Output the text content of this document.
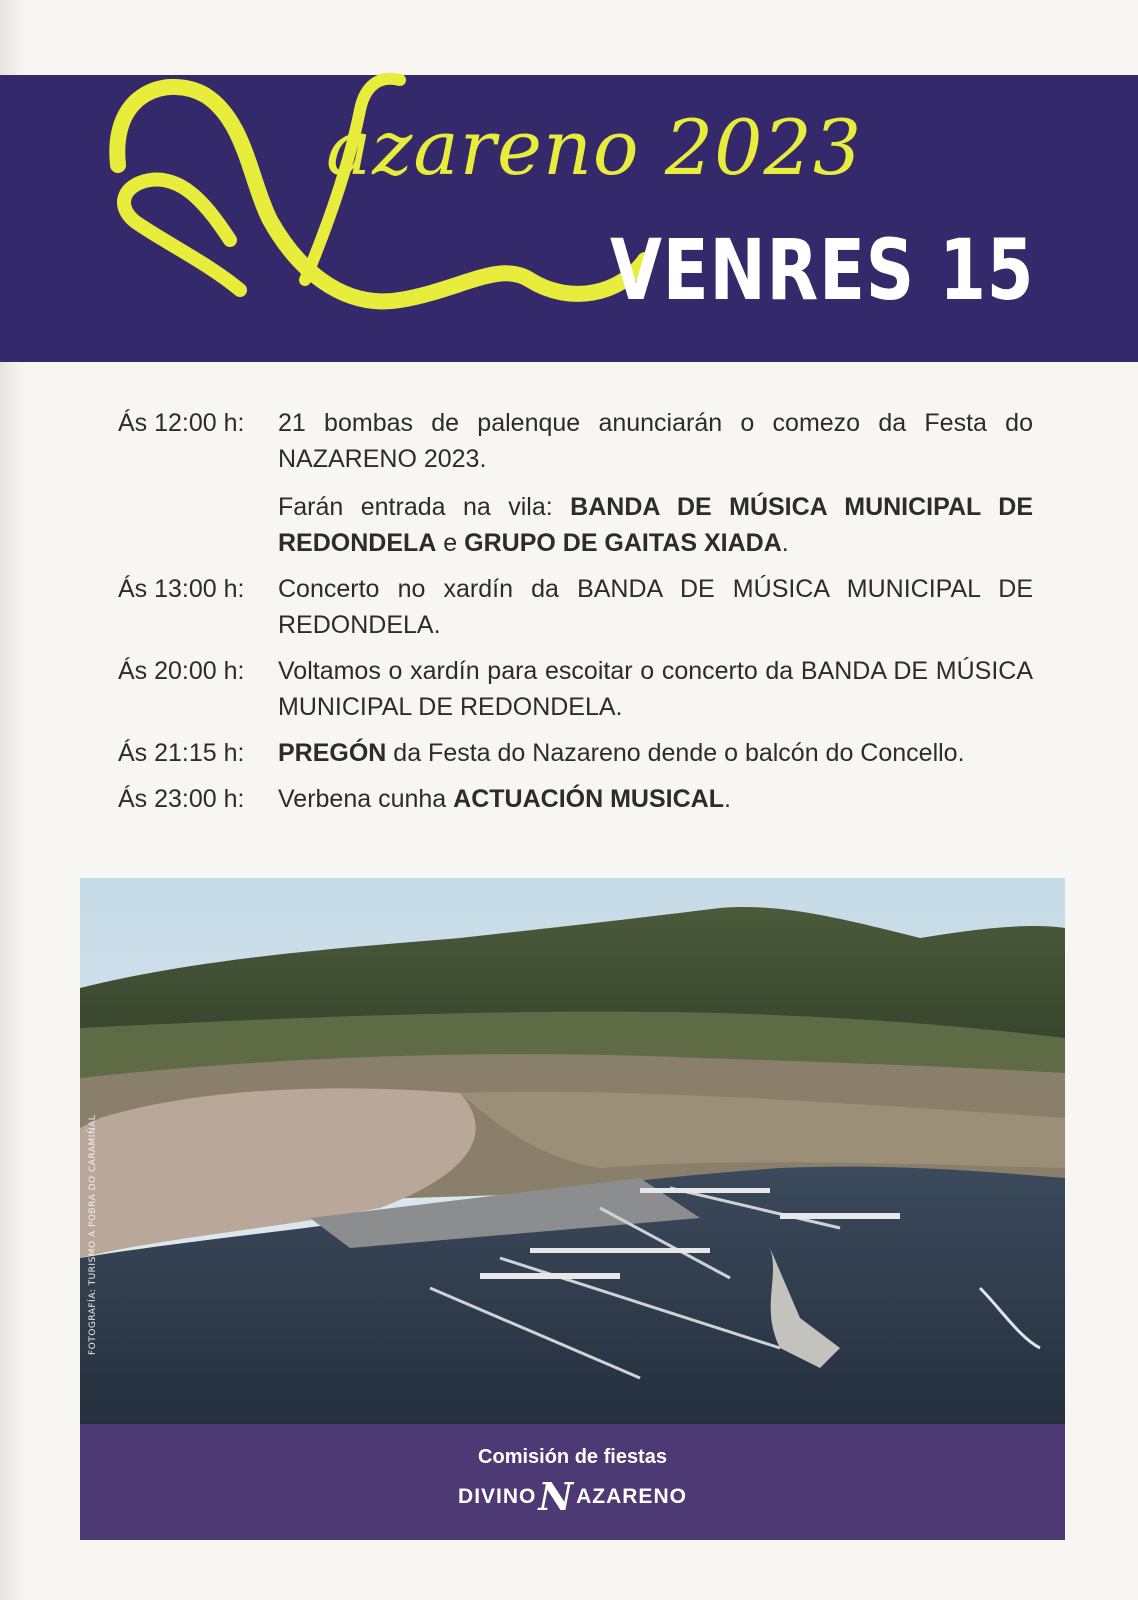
N
azareno 2023
VENRES 15
Ás 12:00 h:	21 bombas de palenque anunciarán o comezo da Festa do NAZARENO 2023.
Farán entrada na vila: BANDA DE MÚSICA MUNICIPAL DE REDONDELA e GRUPO DE GAITAS XIADA.
Ás 13:00 h:	Concerto no xardín da BANDA DE MÚSICA MUNICIPAL DE REDONDELA.
Ás 20:00 h:	Voltamos o xardín para escoitar o concerto da BANDA DE MÚSICA MUNICIPAL DE REDONDELA.
Ás 21:15 h:	PREGÓN da Festa do Nazareno dende o balcón do Concello.
Ás 23:00 h:	Verbena cunha ACTUACIÓN MUSICAL.
FOTOGRAFÍA: TURISMO A POBRA DO CARAMIÑAL
Comisión de fiestas
DIVINO N AZARENO
